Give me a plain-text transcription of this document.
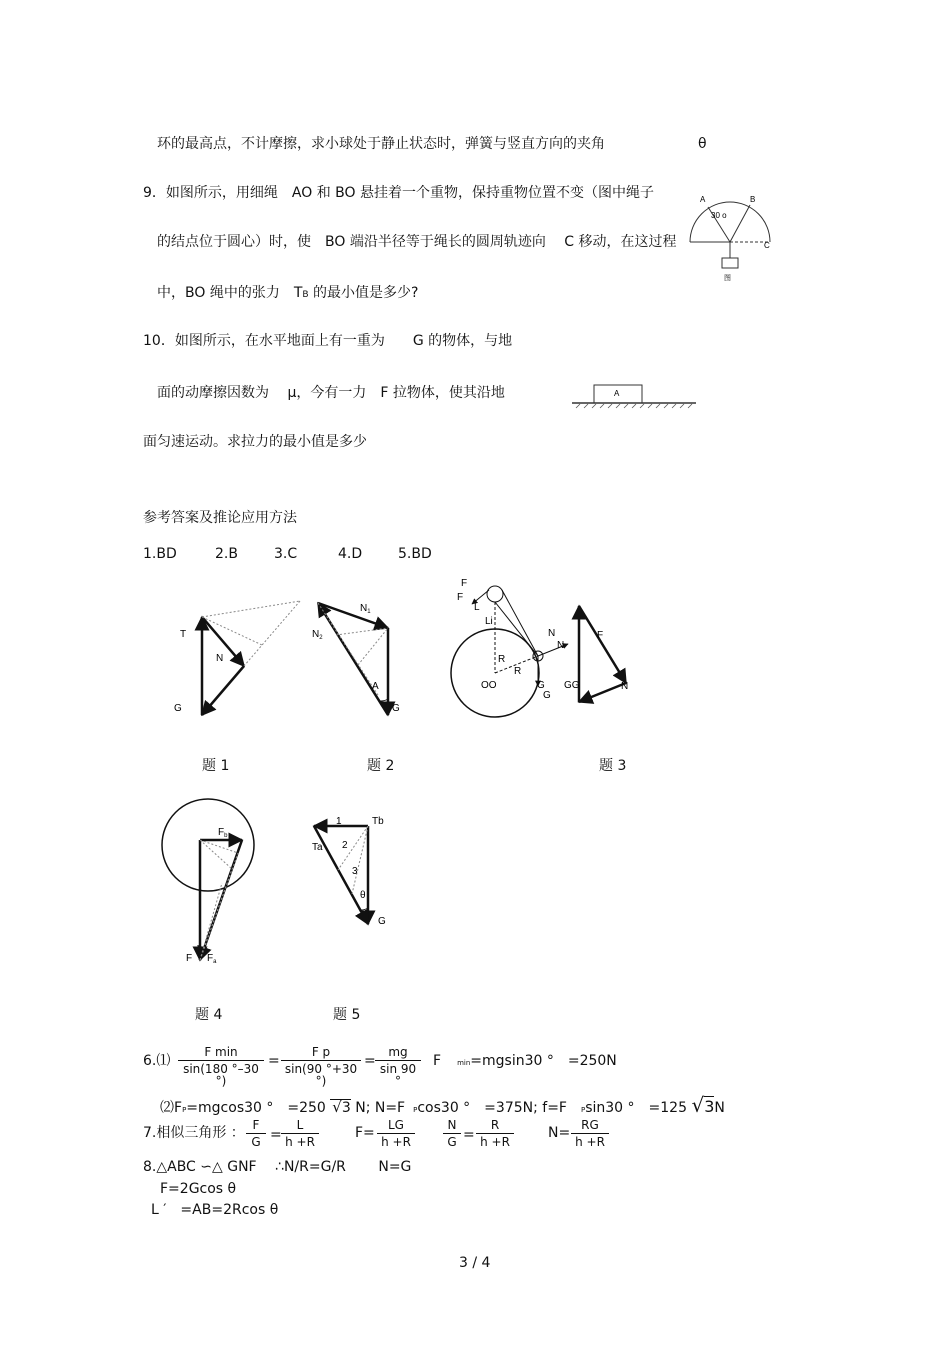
环的最高点，不计摩擦，求小球处于静止状态时，弹簧与竖直方向的夹角	θ
9．如图所示，用细绳　AO 和 BO 悬挂着一个重物，保持重物位置不变（图中绳子
的结点位于圆心）时，使　BO 端沿半径等于绳长的圆周轨迹向　 C 移动，在这过程
中，BO 绳中的张力　TB 的最小值是多少?
A	B
C
30 o
图
10．如图所示，在水平地面上有一重为　　G 的物体，与地
面的动摩擦因数为　 μ，今有一力　F 拉物体，使其沿地
面匀速运动。求拉力的最小值是多少
A
参考答案及推论应用方法
1.BD	2.B	3.C	4.D	5.BD
T
N
G
$N_1$
$N_2$
A
G
F
F
L
Li
N
N
R
R
OO	G
G
F
GG	N
题 1	题 2	题 3
$F_b$
F $F_a$
1	Tb
Ta 2
3
θ
G
题 4	题 5
6.⑴
F min
sin(180 °–30 °)
= $\frac{\text{F p}}{\sin(90 ^\circ+30 ^\circ)} = \frac{mg}{\sin 90 ^\circ}$ F min=mgsin30 °　=250N
⑵FP=mgcos30 °　=250 √3 N; N=F Pcos30 °　=375N; f=F Psin30 °　=125 √3N
7.相似三角形 ： $\frac{F}{G} = \frac{L}{h +R}$	$F= \frac{LG}{h +R} \frac{N}{G} = \frac{R}{h +R} N= \frac{RG}{h +R}$
8.△ABC ∽△ GNF　 ∴N/R=G/R　　 N=G
F=2Gcos θ
L ′　=AB=2Rcos θ
3 / 4
